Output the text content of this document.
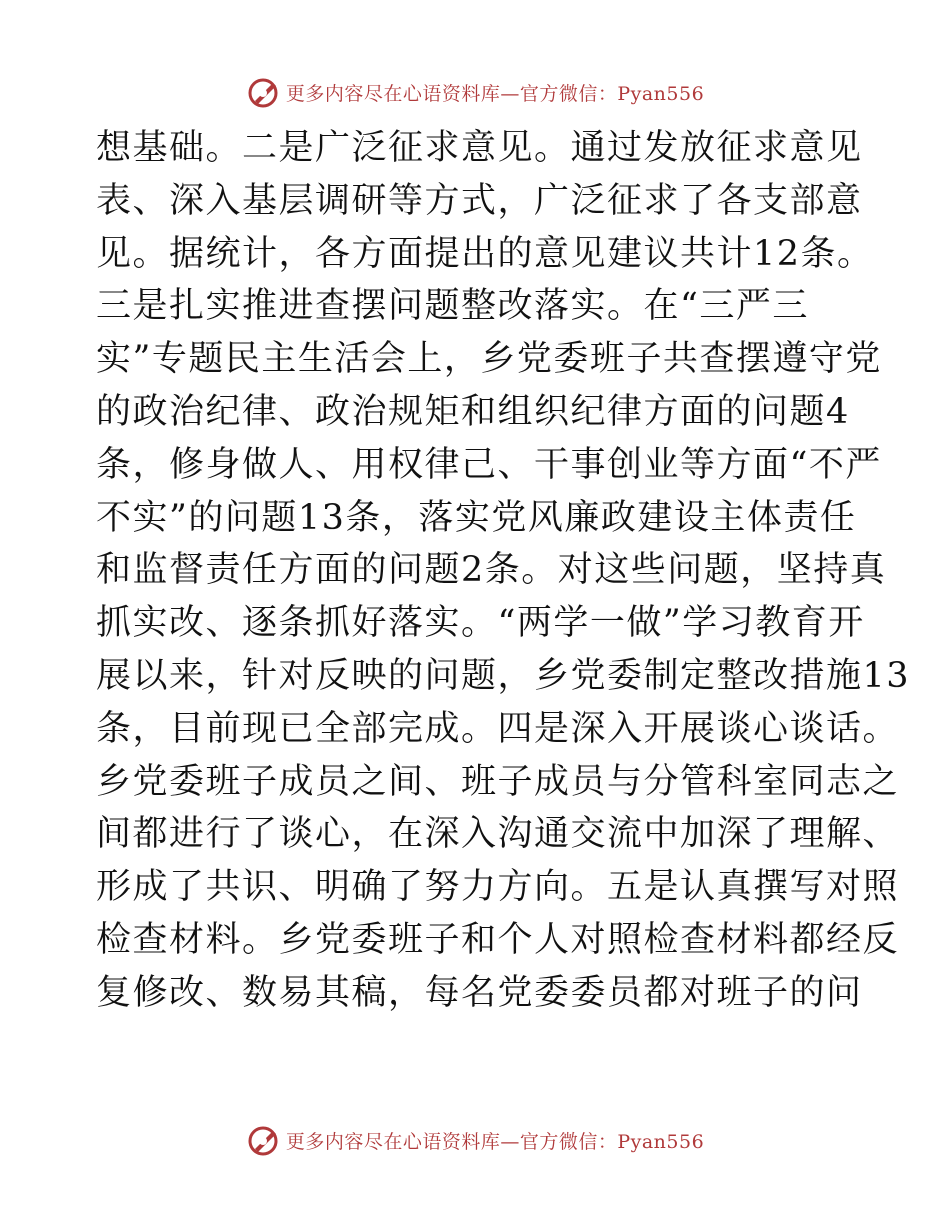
更多内容尽在心语资料库—官方微信：Pyan556
想基础。二是广泛征求意见。通过发放征求意见
表、深入基层调研等方式，广泛征求了各支部意
见。据统计，各方面提出的意见建议共计12条。
三是扎实推进查摆问题整改落实。在“三严三
实”专题民主生活会上，乡党委班子共查摆遵守党
的政治纪律、政治规矩和组织纪律方面的问题4
条，修身做人、用权律己、干事创业等方面“不严
不实”的问题13条，落实党风廉政建设主体责任
和监督责任方面的问题2条。对这些问题，坚持真
抓实改、逐条抓好落实。“两学一做”学习教育开
展以来，针对反映的问题，乡党委制定整改措施13
条，目前现已全部完成。四是深入开展谈心谈话。
乡党委班子成员之间、班子成员与分管科室同志之
间都进行了谈心，在深入沟通交流中加深了理解、
形成了共识、明确了努力方向。五是认真撰写对照
检查材料。乡党委班子和个人对照检查材料都经反
复修改、数易其稿，每名党委委员都对班子的问
更多内容尽在心语资料库—官方微信：Pyan556
